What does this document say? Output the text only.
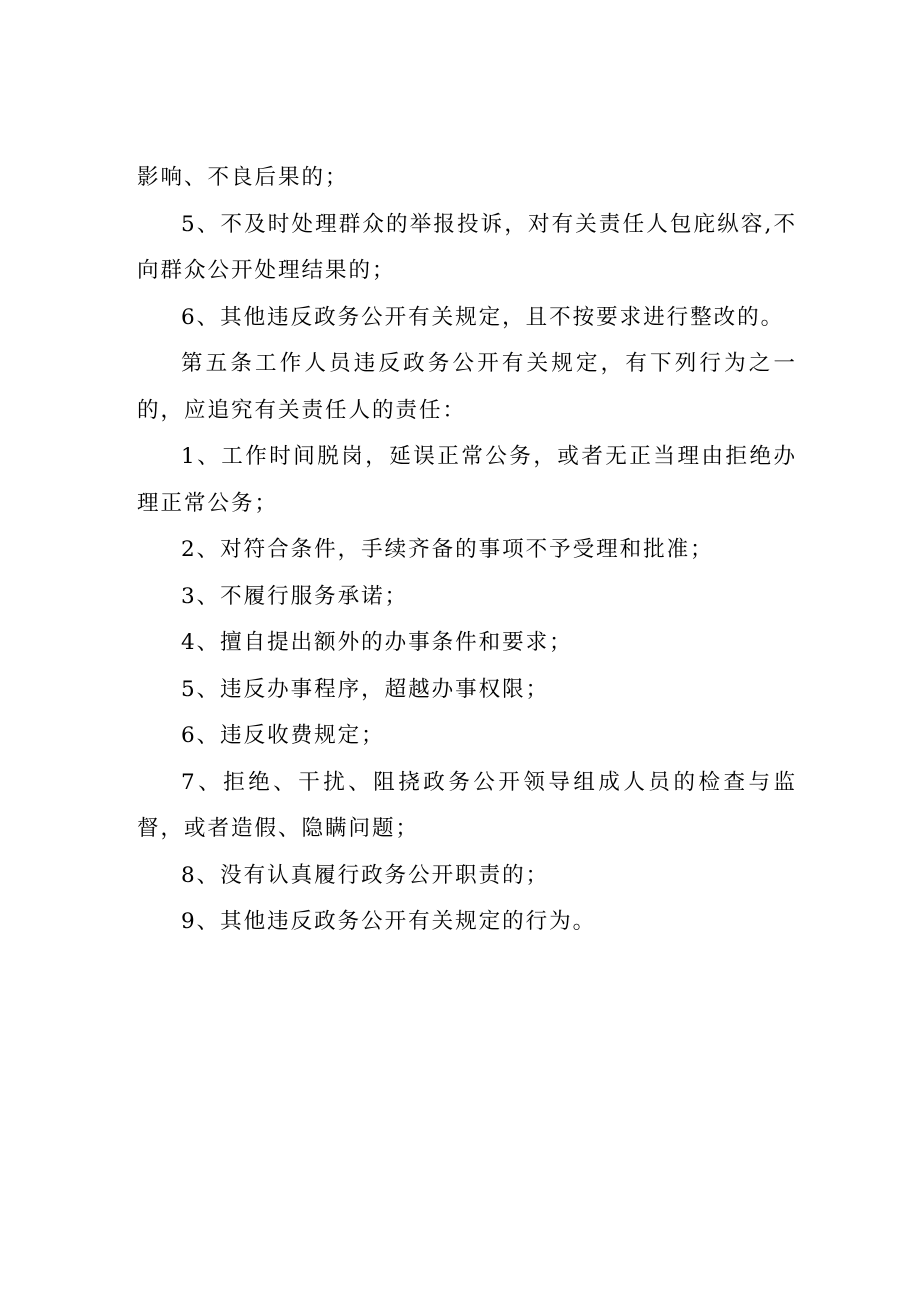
影响、不良后果的；

5、不及时处理群众的举报投诉，对有关责任人包庇纵容,不向群众公开处理结果的；

6、其他违反政务公开有关规定，且不按要求进行整改的。

第五条工作人员违反政务公开有关规定，有下列行为之一的，应追究有关责任人的责任：

1、工作时间脱岗，延误正常公务，或者无正当理由拒绝办理正常公务；

2、对符合条件，手续齐备的事项不予受理和批准；

3、不履行服务承诺；

4、擅自提出额外的办事条件和要求；

5、违反办事程序，超越办事权限；

6、违反收费规定；

7、拒绝、干扰、阻挠政务公开领导组成人员的检查与监督，或者造假、隐瞒问题；

8、没有认真履行政务公开职责的；

9、其他违反政务公开有关规定的行为。
